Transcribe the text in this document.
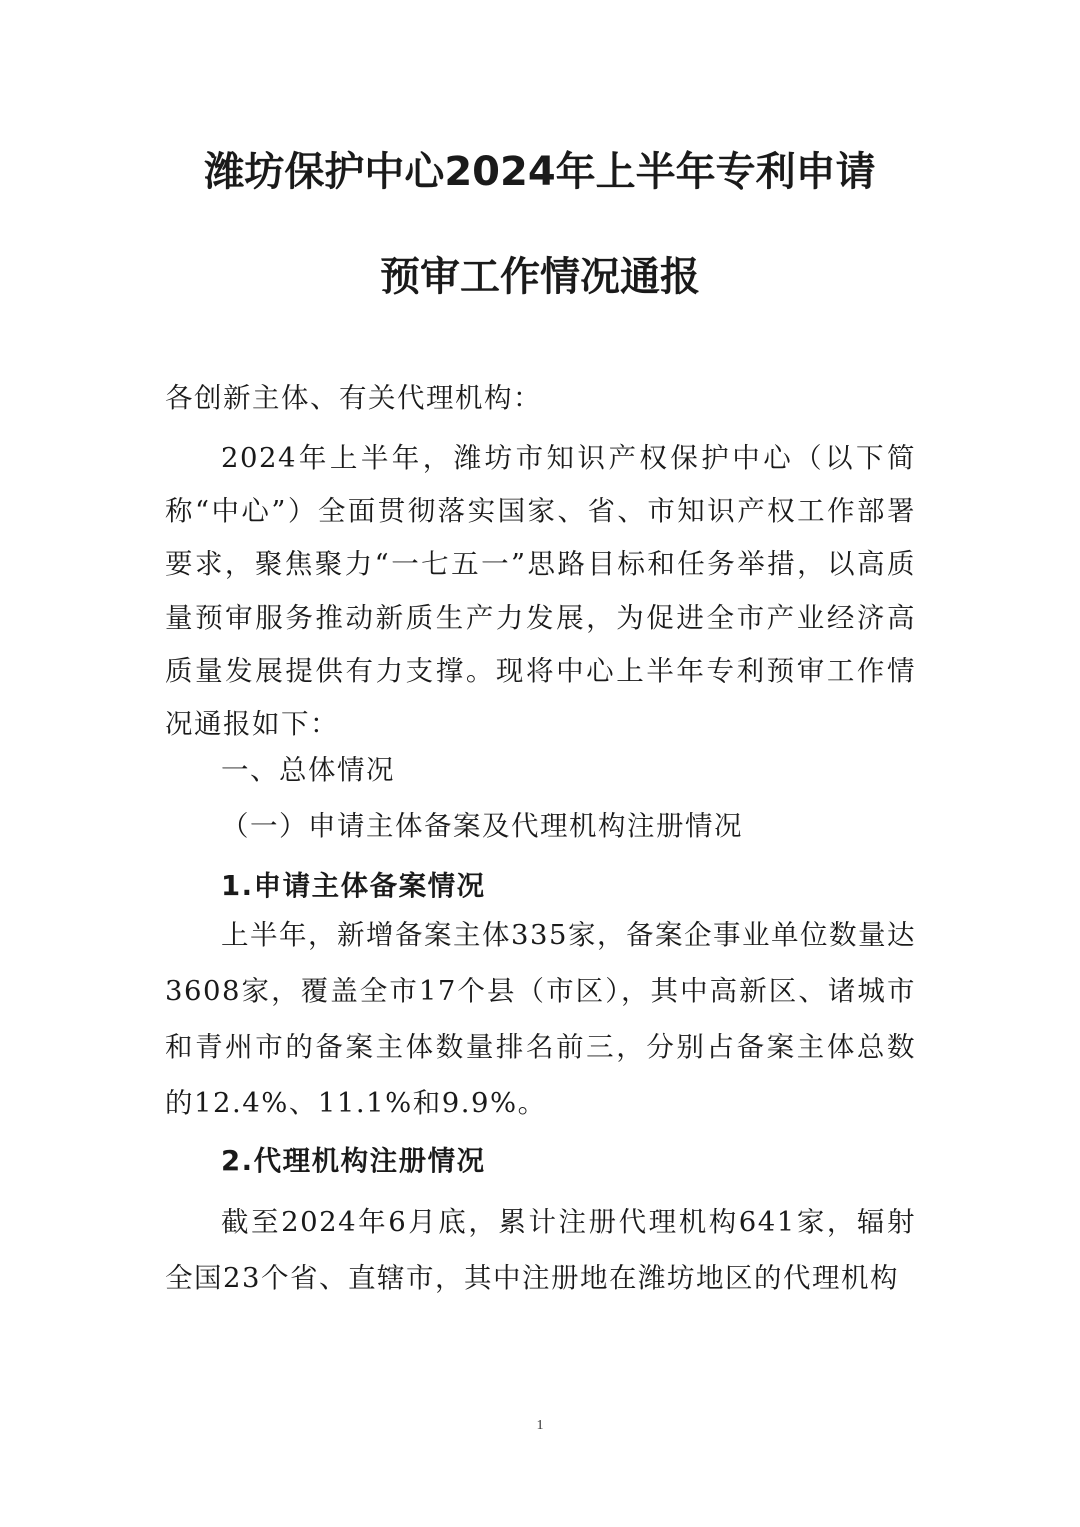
潍坊保护中心2024年上半年专利申请
预审工作情况通报
各创新主体、有关代理机构：
2024年上半年，潍坊市知识产权保护中心（以下简称“中心”）全面贯彻落实国家、省、市知识产权工作部署要求，聚焦聚力“一七五一”思路目标和任务举措，以高质量预审服务推动新质生产力发展，为促进全市产业经济高质量发展提供有力支撑。现将中心上半年专利预审工作情况通报如下：
一、总体情况
（一）申请主体备案及代理机构注册情况
1.申请主体备案情况
上半年，新增备案主体335家，备案企事业单位数量达3608家，覆盖全市17个县（市区），其中高新区、诸城市和青州市的备案主体数量排名前三，分别占备案主体总数的12.4%、11.1%和9.9%。
2.代理机构注册情况
截至2024年6月底，累计注册代理机构641家，辐射全国23个省、直辖市，其中注册地在潍坊地区的代理机构
1
